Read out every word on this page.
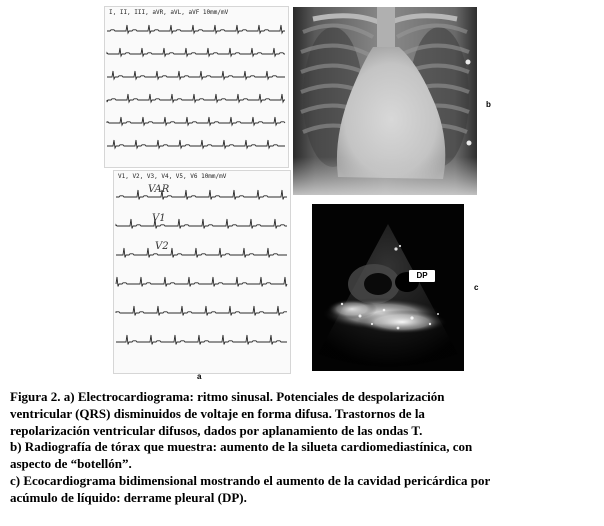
I, II, III, aVR, aVL, aVF 10mm/mV
V1, V2, V3, V4, V5, V6 10mm/mV
VAR
V1
V2
a
b
DP
c

Figura 2. a) Electrocardiograma: ritmo sinusal. Potenciales de despolarización

ventricular (QRS) disminuidos de voltaje en forma difusa. Trastornos de la

repolarización ventricular difusos, dados por aplanamiento de las ondas T.

b) Radiografía de tórax que muestra: aumento de la silueta cardiomediastínica, con

aspecto de “botellón”.

c) Ecocardiograma bidimensional mostrando el aumento de la cavidad pericárdica por

acúmulo de líquido: derrame pleural (DP).
